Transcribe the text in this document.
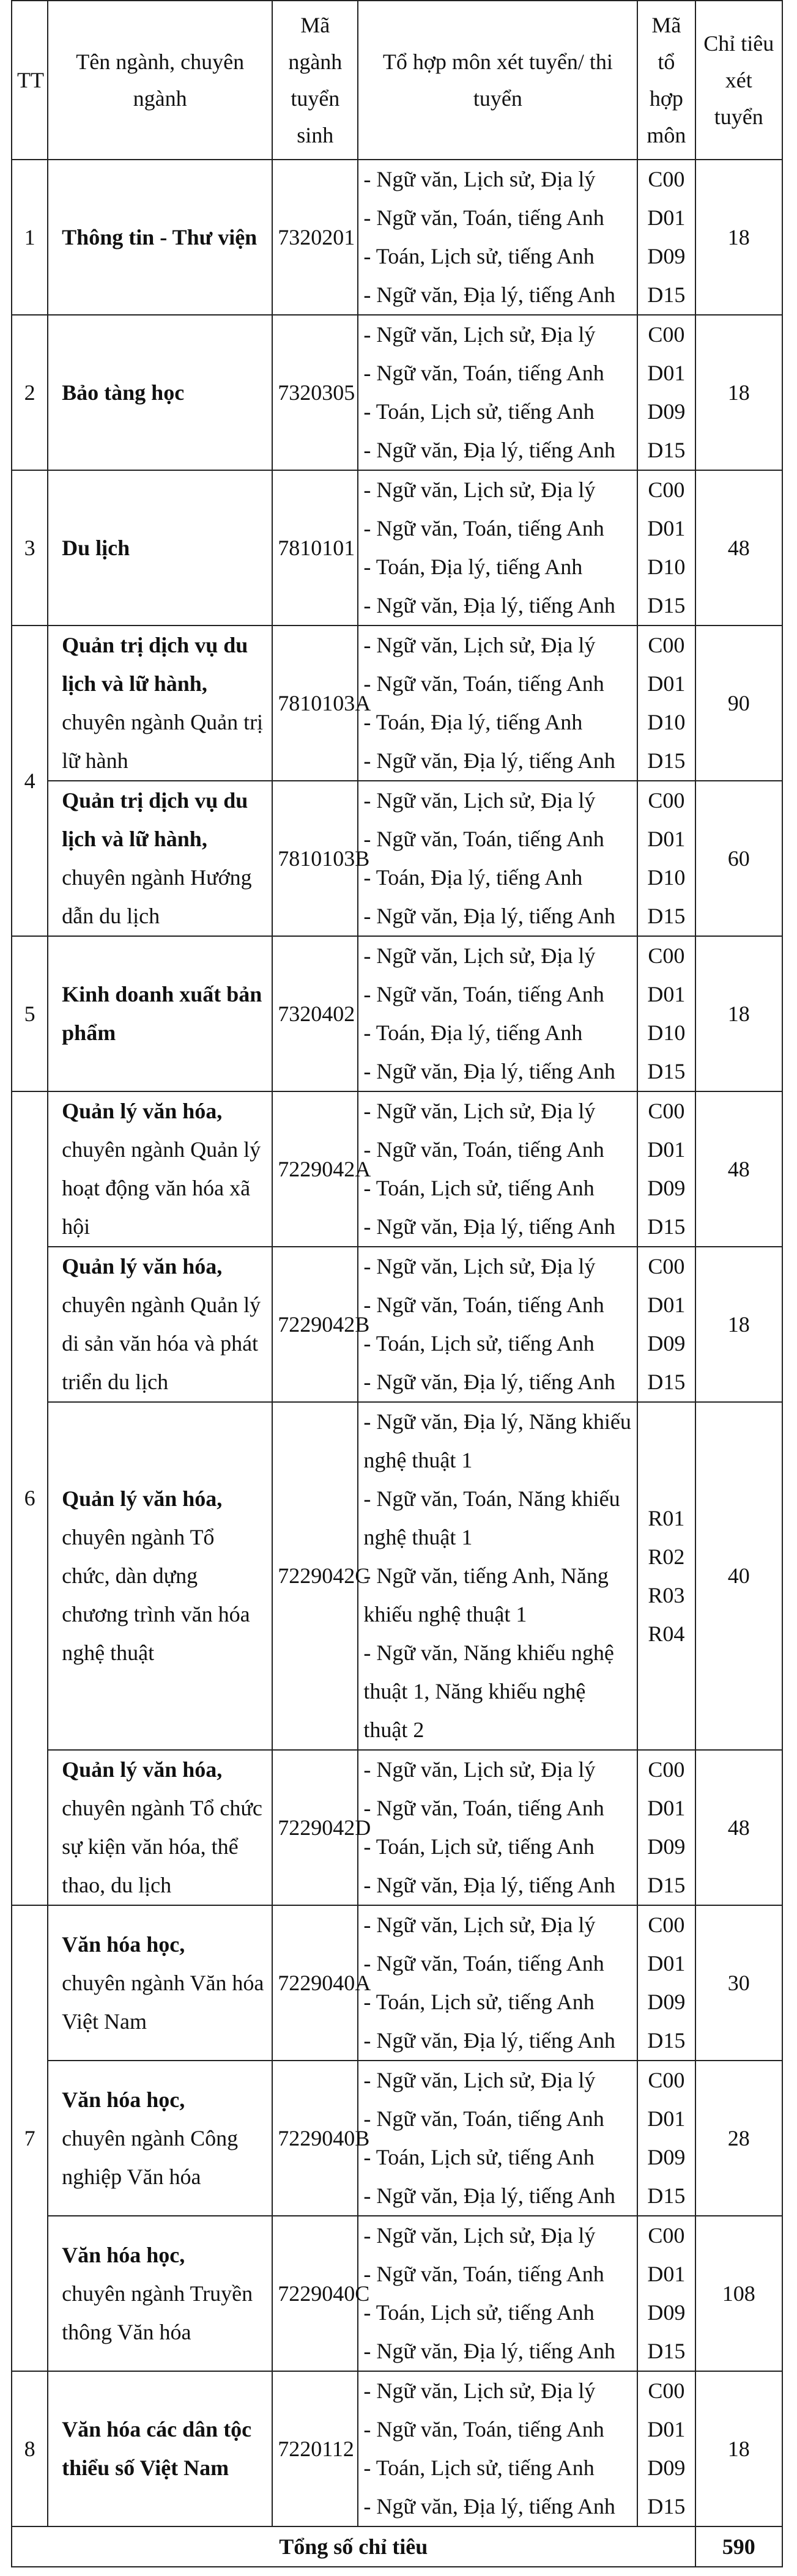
TT	Tên ngành, chuyên ngành	Mã ngành tuyển sinh	Tổ hợp môn xét tuyển/ thi tuyển	Mã tổ hợp môn	Chỉ tiêu xét tuyển
1	Thông tin - Thư viện	7320201	- Ngữ văn, Lịch sử, Địa lý
- Ngữ văn, Toán, tiếng Anh
- Toán, Lịch sử, tiếng Anh
- Ngữ văn, Địa lý, tiếng Anh	C00
D01
D09
D15	18
2	Bảo tàng học	7320305	- Ngữ văn, Lịch sử, Địa lý
- Ngữ văn, Toán, tiếng Anh
- Toán, Lịch sử, tiếng Anh
- Ngữ văn, Địa lý, tiếng Anh	C00
D01
D09
D15	18
3	Du lịch	7810101	- Ngữ văn, Lịch sử, Địa lý
- Ngữ văn, Toán, tiếng Anh
- Toán, Địa lý, tiếng Anh
- Ngữ văn, Địa lý, tiếng Anh	C00
D01
D10
D15	48
4	Quản trị dịch vụ du lịch và lữ hành,
chuyên ngành Quản trị lữ hành	7810103A	- Ngữ văn, Lịch sử, Địa lý
- Ngữ văn, Toán, tiếng Anh
- Toán, Địa lý, tiếng Anh
- Ngữ văn, Địa lý, tiếng Anh	C00
D01
D10
D15	90

	Quản trị dịch vụ du lịch và lữ hành,
chuyên ngành Hướng dẫn du lịch	7810103B	- Ngữ văn, Lịch sử, Địa lý
- Ngữ văn, Toán, tiếng Anh
- Toán, Địa lý, tiếng Anh
- Ngữ văn, Địa lý, tiếng Anh	C00
D01
D10
D15	60
5	Kinh doanh xuất bản phẩm	7320402	- Ngữ văn, Lịch sử, Địa lý
- Ngữ văn, Toán, tiếng Anh
- Toán, Địa lý, tiếng Anh
- Ngữ văn, Địa lý, tiếng Anh	C00
D01
D10
D15	18
6	Quản lý văn hóa,
chuyên ngành Quản lý hoạt động văn hóa xã hội	7229042A	- Ngữ văn, Lịch sử, Địa lý
- Ngữ văn, Toán, tiếng Anh
- Toán, Lịch sử, tiếng Anh
- Ngữ văn, Địa lý, tiếng Anh	C00
D01
D09
D15	48

	Quản lý văn hóa,
chuyên ngành Quản lý di sản văn hóa và phát triển du lịch	7229042B	- Ngữ văn, Lịch sử, Địa lý
- Ngữ văn, Toán, tiếng Anh
- Toán, Lịch sử, tiếng Anh
- Ngữ văn, Địa lý, tiếng Anh	C00
D01
D09
D15	18

	Quản lý văn hóa,
chuyên ngành Tổ chức, dàn dựng chương trình văn hóa nghệ thuật	7229042C	- Ngữ văn, Địa lý, Năng khiếu nghệ thuật 1
- Ngữ văn, Toán, Năng khiếu nghệ thuật 1
- Ngữ văn, tiếng Anh, Năng khiếu nghệ thuật 1
- Ngữ văn, Năng khiếu nghệ thuật 1, Năng khiếu nghệ thuật 2	R01
R02
R03
R04	40

	Quản lý văn hóa,
chuyên ngành Tổ chức sự kiện văn hóa, thể thao, du lịch	7229042D	- Ngữ văn, Lịch sử, Địa lý
- Ngữ văn, Toán, tiếng Anh
- Toán, Lịch sử, tiếng Anh
- Ngữ văn, Địa lý, tiếng Anh	C00
D01
D09
D15	48
7	Văn hóa học,
chuyên ngành Văn hóa Việt Nam	7229040A	- Ngữ văn, Lịch sử, Địa lý
- Ngữ văn, Toán, tiếng Anh
- Toán, Lịch sử, tiếng Anh
- Ngữ văn, Địa lý, tiếng Anh	C00
D01
D09
D15	30

	Văn hóa học,
chuyên ngành Công nghiệp Văn hóa	7229040B	- Ngữ văn, Lịch sử, Địa lý
- Ngữ văn, Toán, tiếng Anh
- Toán, Lịch sử, tiếng Anh
- Ngữ văn, Địa lý, tiếng Anh	C00
D01
D09
D15	28

	Văn hóa học,
chuyên ngành Truyền thông Văn hóa	7229040C	- Ngữ văn, Lịch sử, Địa lý
- Ngữ văn, Toán, tiếng Anh
- Toán, Lịch sử, tiếng Anh
- Ngữ văn, Địa lý, tiếng Anh	C00
D01
D09
D15	108
8	Văn hóa các dân tộc thiểu số Việt Nam	7220112	- Ngữ văn, Lịch sử, Địa lý
- Ngữ văn, Toán, tiếng Anh
- Toán, Lịch sử, tiếng Anh
- Ngữ văn, Địa lý, tiếng Anh	C00
D01
D09
D15	18
Tổng số chỉ tiêu					590
